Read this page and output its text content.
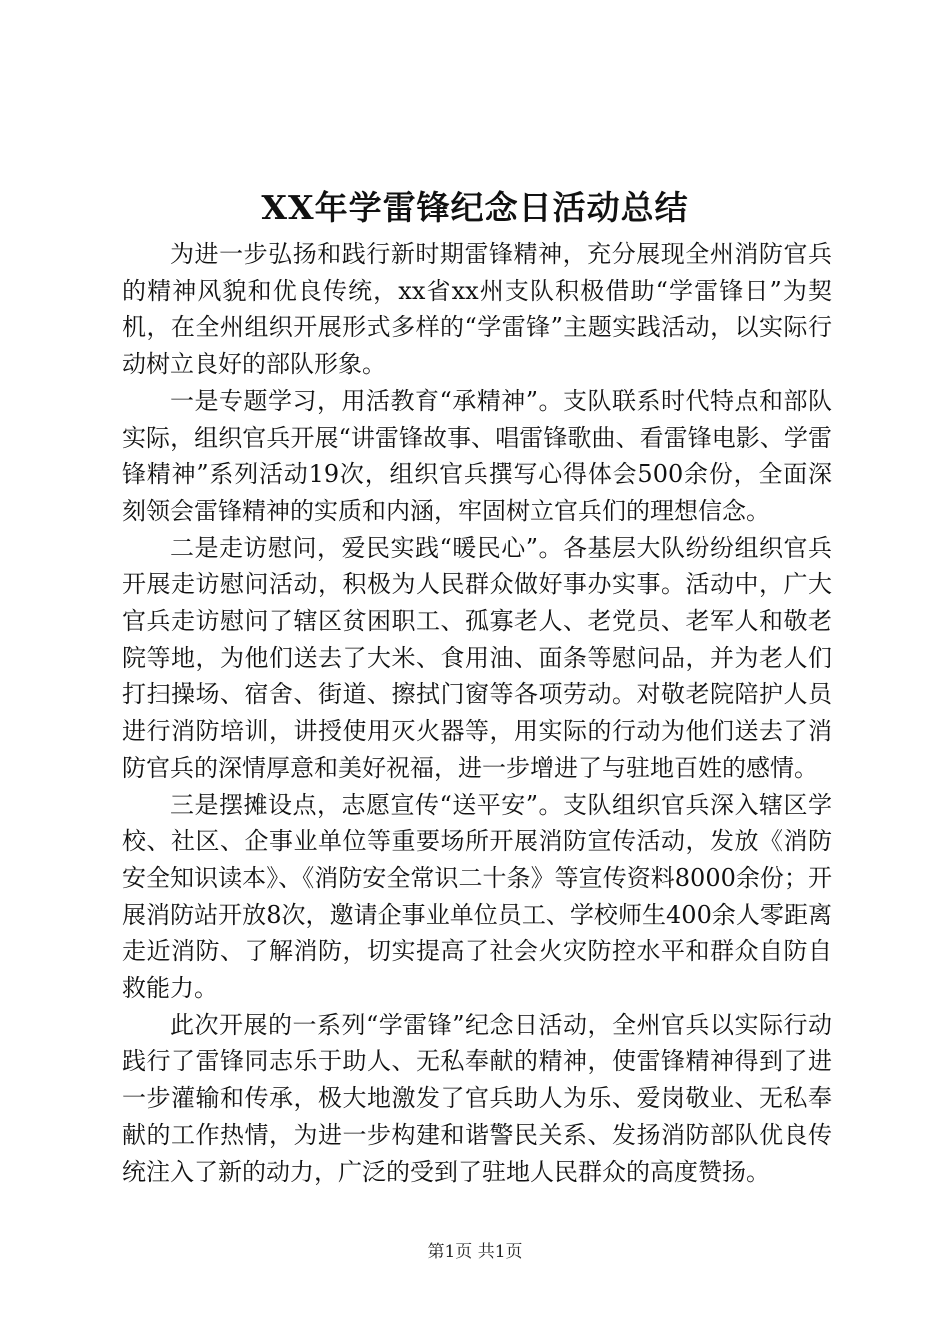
XX年学雷锋纪念日活动总结

为进一步弘扬和践行新时期雷锋精神，充分展现全州消防官兵的精神风貌和优良传统，xx省xx州支队积极借助“学雷锋日”为契机，在全州组织开展形式多样的“学雷锋”主题实践活动，以实际行动树立良好的部队形象。

一是专题学习，用活教育“承精神”。支队联系时代特点和部队实际，组织官兵开展“讲雷锋故事、唱雷锋歌曲、看雷锋电影、学雷锋精神”系列活动19次，组织官兵撰写心得体会500余份，全面深刻领会雷锋精神的实质和内涵，牢固树立官兵们的理想信念。

二是走访慰问，爱民实践“暖民心”。各基层大队纷纷组织官兵开展走访慰问活动，积极为人民群众做好事办实事。活动中，广大官兵走访慰问了辖区贫困职工、孤寡老人、老党员、老军人和敬老院等地，为他们送去了大米、食用油、面条等慰问品，并为老人们打扫操场、宿舍、街道、擦拭门窗等各项劳动。对敬老院陪护人员进行消防培训，讲授使用灭火器等，用实际的行动为他们送去了消防官兵的深情厚意和美好祝福，进一步增进了与驻地百姓的感情。

三是摆摊设点，志愿宣传“送平安”。支队组织官兵深入辖区学校、社区、企事业单位等重要场所开展消防宣传活动，发放《消防安全知识读本》、《消防安全常识二十条》等宣传资料8000余份；开展消防站开放8次，邀请企事业单位员工、学校师生400余人零距离走近消防、了解消防，切实提高了社会火灾防控水平和群众自防自救能力。

此次开展的一系列“学雷锋”纪念日活动，全州官兵以实际行动践行了雷锋同志乐于助人、无私奉献的精神，使雷锋精神得到了进一步灌输和传承，极大地激发了官兵助人为乐、爱岗敬业、无私奉献的工作热情，为进一步构建和谐警民关系、发扬消防部队优良传统注入了新的动力，广泛的受到了驻地人民群众的高度赞扬。

第1页 共1页
